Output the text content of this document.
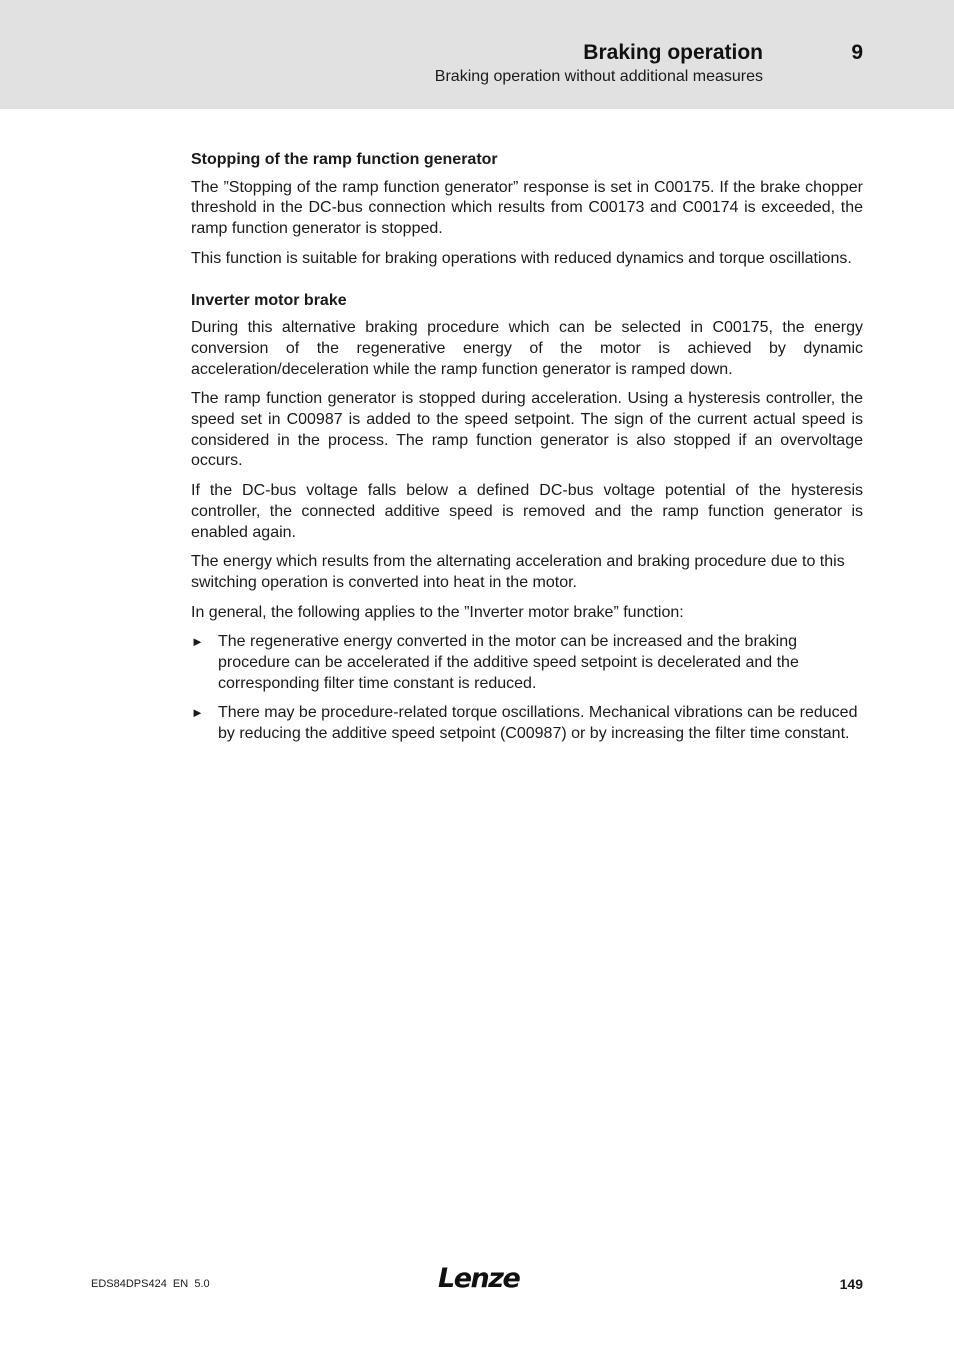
Braking operation	9
Braking operation without additional measures
Stopping of the ramp function generator

The ”Stopping of the ramp function generator” response is set in C00175. If the brake chopper threshold in the DC-bus connection which results from C00173 and C00174 is exceeded, the ramp function generator is stopped.

This function is suitable for braking operations with reduced dynamics and torque oscillations.

Inverter motor brake

During this alternative braking procedure which can be selected in C00175, the energy conversion of the regenerative energy of the motor is achieved by dynamic acceleration/deceleration while the ramp function generator is ramped down.

The ramp function generator is stopped during acceleration. Using a hysteresis controller, the speed set in C00987 is added to the speed setpoint. The sign of the current actual speed is considered in the process. The ramp function generator is also stopped if an overvoltage occurs.

If the DC-bus voltage falls below a defined DC-bus voltage potential of the hysteresis controller, the connected additive speed is removed and the ramp function generator is enabled again.

The energy which results from the alternating acceleration and braking procedure due to this switching operation is converted into heat in the motor.

In general, the following applies to the ”Inverter motor brake” function:

► The regenerative energy converted in the motor can be increased and the braking procedure can be accelerated if the additive speed setpoint is decelerated and the corresponding filter time constant is reduced.
► There may be procedure-related torque oscillations. Mechanical vibrations can be reduced by reducing the additive speed setpoint (C00987) or by increasing the filter time constant.
EDS84DPS424  EN  5.0	Lenze	149
